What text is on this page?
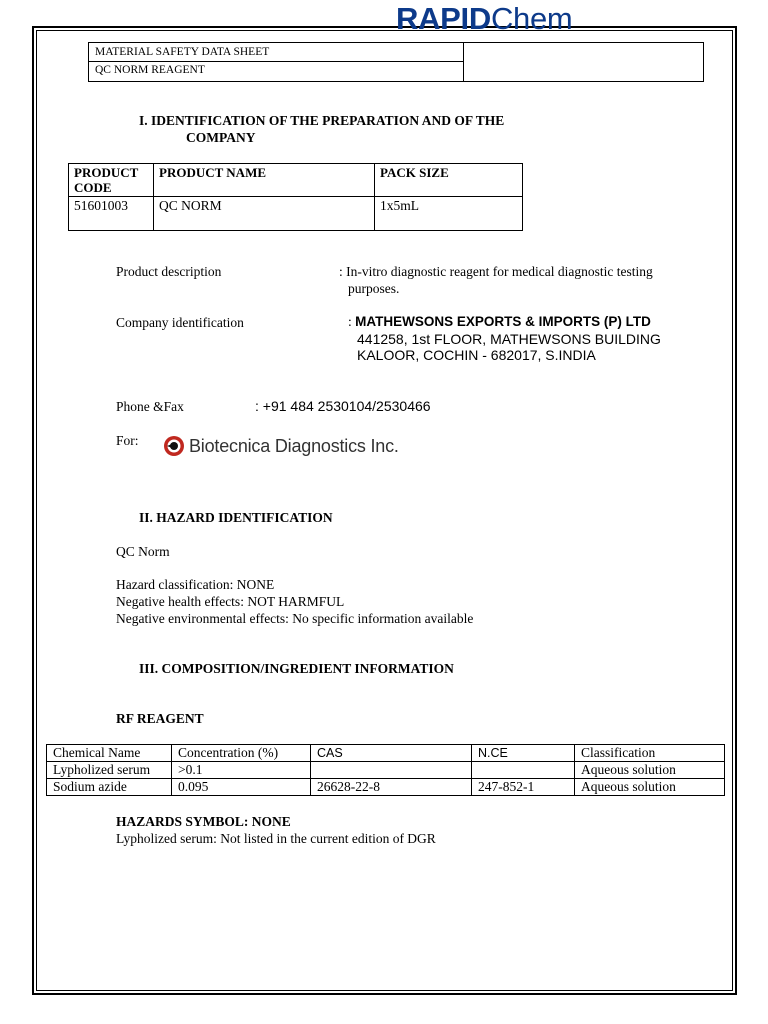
MATERIAL SAFETY DATA SHEET
QC NORM REAGENT
RAPIDChem
I. IDENTIFICATION OF THE PREPARATION AND OF THE
COMPANY
PRODUCT
CODE	PRODUCT NAME	PACK SIZE
51601003	QC NORM	1x5mL
Product description	: In-vitro diagnostic reagent for medical diagnostic testing
purposes.
Company identification	: MATHEWSONS EXPORTS & IMPORTS (P) LTD
441258, 1st FLOOR, MATHEWSONS BUILDING
KALOOR, COCHIN - 682017, S.INDIA
Phone &Fax	: +91 484 2530104/2530466
For:	Biotecnica Diagnostics Inc.
II. HAZARD IDENTIFICATION
QC Norm
Hazard classification: NONE
Negative health effects: NOT HARMFUL
Negative environmental effects: No specific information available
III. COMPOSITION/INGREDIENT INFORMATION
RF REAGENT
Chemical Name	Concentration (%)	CAS	N.CE	Classification
Lypholized serum	>0.1			Aqueous solution
Sodium azide	0.095	26628-22-8	247-852-1	Aqueous solution
HAZARDS SYMBOL: NONE
Lypholized serum: Not listed in the current edition of DGR
